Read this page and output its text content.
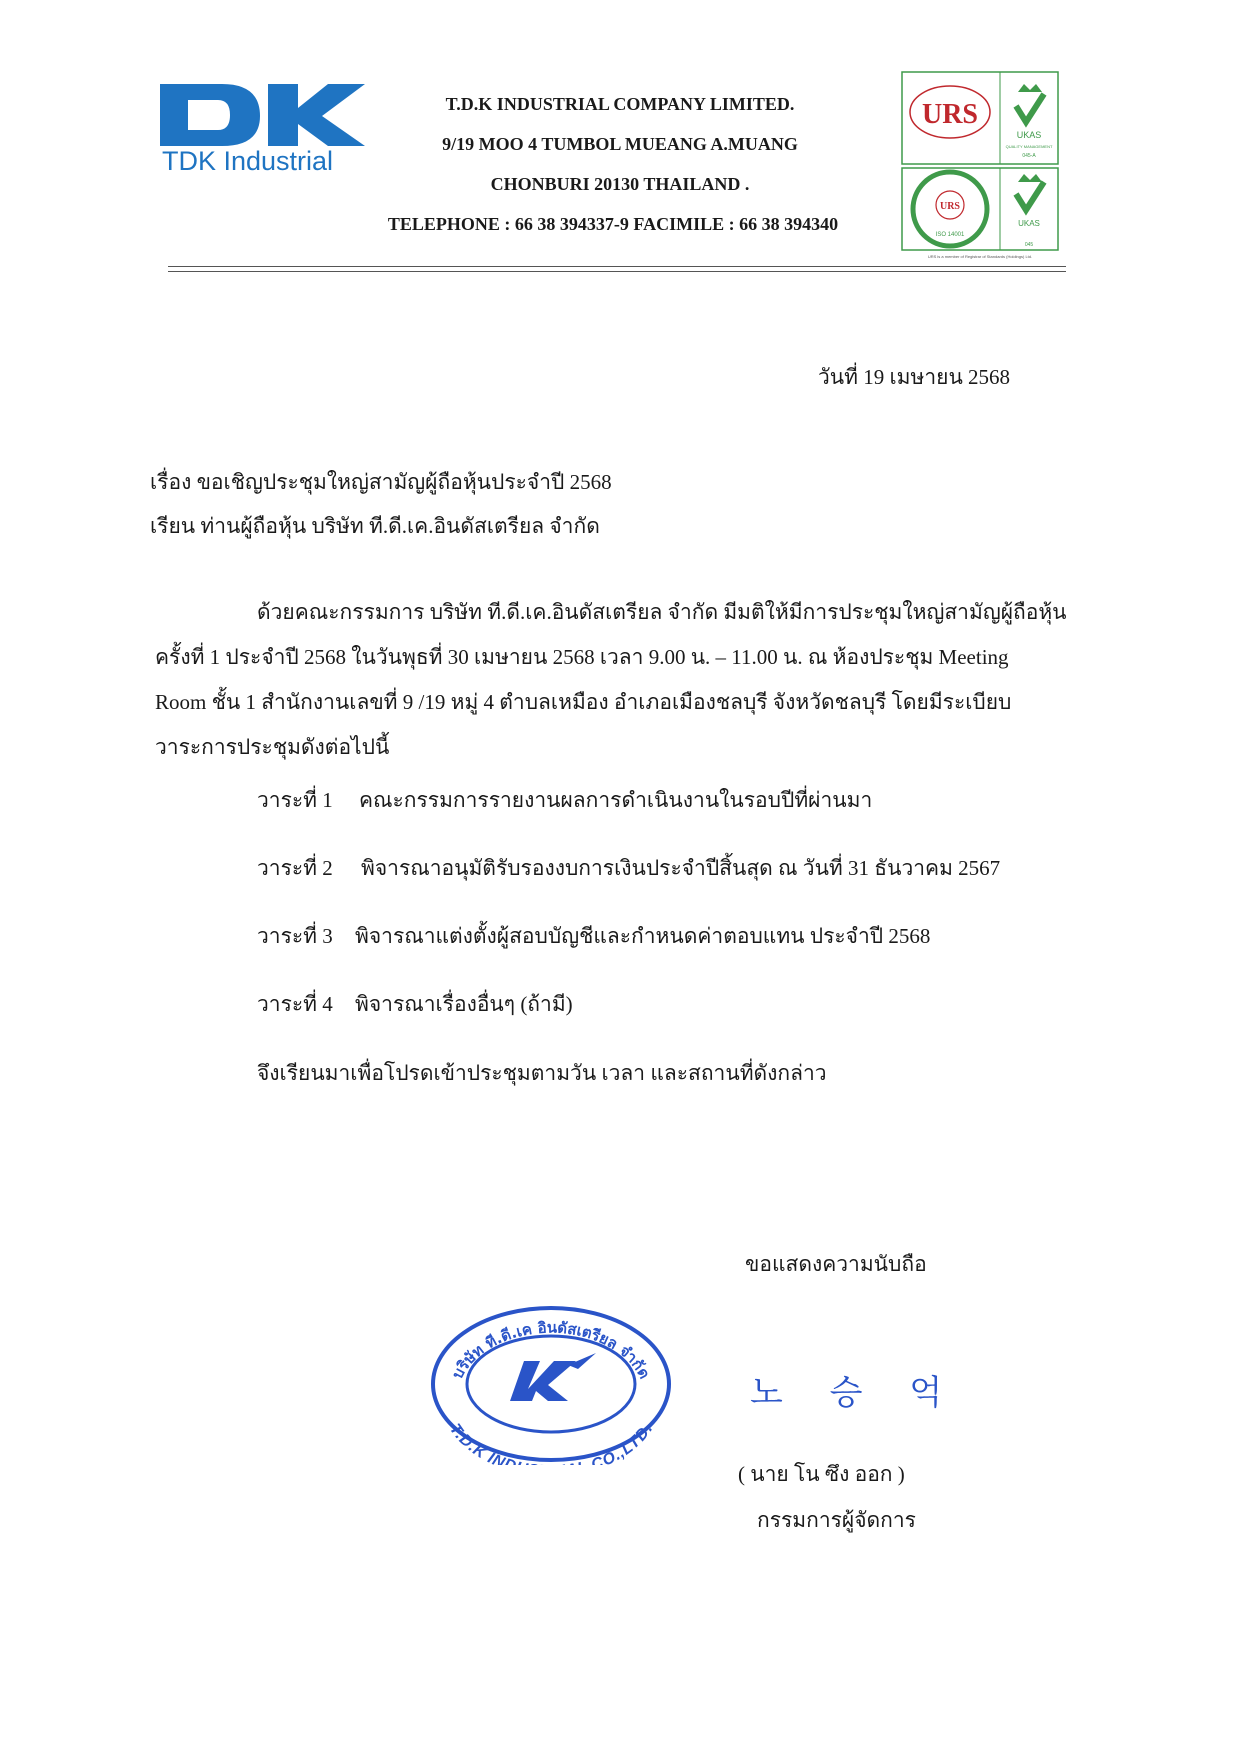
TDK Industrial
T.D.K INDUSTRIAL COMPANY LIMITED.
9/19 MOO 4 TUMBOL MUEANG A.MUANG
CHONBURI 20130 THAILAND .
TELEPHONE : 66 38 394337-9 FACIMILE : 66 38 394340
URS
UKAS
QUALITY MANAGEMENT
045-A
URS
ISO 14001
UKAS
045
URS is a member of Registrar of Standards (Holdings) Ltd.
วันที่ 19 เมษายน 2568
เรื่อง ขอเชิญประชุมใหญ่สามัญผู้ถือหุ้นประจำปี 2568
เรียน ท่านผู้ถือหุ้น บริษัท ที.ดี.เค.อินดัสเตรียล จำกัด
ด้วยคณะกรรมการ บริษัท ที.ดี.เค.อินดัสเตรียล จำกัด มีมติให้มีการประชุมใหญ่สามัญผู้ถือหุ้น
ครั้งที่ 1 ประจำปี 2568 ในวันพุธที่ 30 เมษายน 2568 เวลา 9.00 น. – 11.00 น. ณ ห้องประชุม Meeting
Room ชั้น 1 สำนักงานเลขที่ 9 /19 หมู่ 4 ตำบลเหมือง อำเภอเมืองชลบุรี จังหวัดชลบุรี โดยมีระเบียบ
วาระการประชุมดังต่อไปนี้
วาระที่ 1 คณะกรรมการรายงานผลการดำเนินงานในรอบปีที่ผ่านมา
วาระที่ 2 พิจารณาอนุมัติรับรองงบการเงินประจำปีสิ้นสุด ณ วันที่ 31 ธันวาคม 2567
วาระที่ 3 พิจารณาแต่งตั้งผู้สอบบัญชีและกำหนดค่าตอบแทน ประจำปี 2568
วาระที่ 4 พิจารณาเรื่องอื่นๆ (ถ้ามี)
จึงเรียนมาเพื่อโปรดเข้าประชุมตามวัน เวลา และสถานที่ดังกล่าว
ขอแสดงความนับถือ
บริษัท ที.ดี.เค อินดัสเตรียล จำกัด
T.D.K IN CO.,LTD.
노 승 억
( นาย โน ซึง ออก )
กรรมการผู้จัดการ
